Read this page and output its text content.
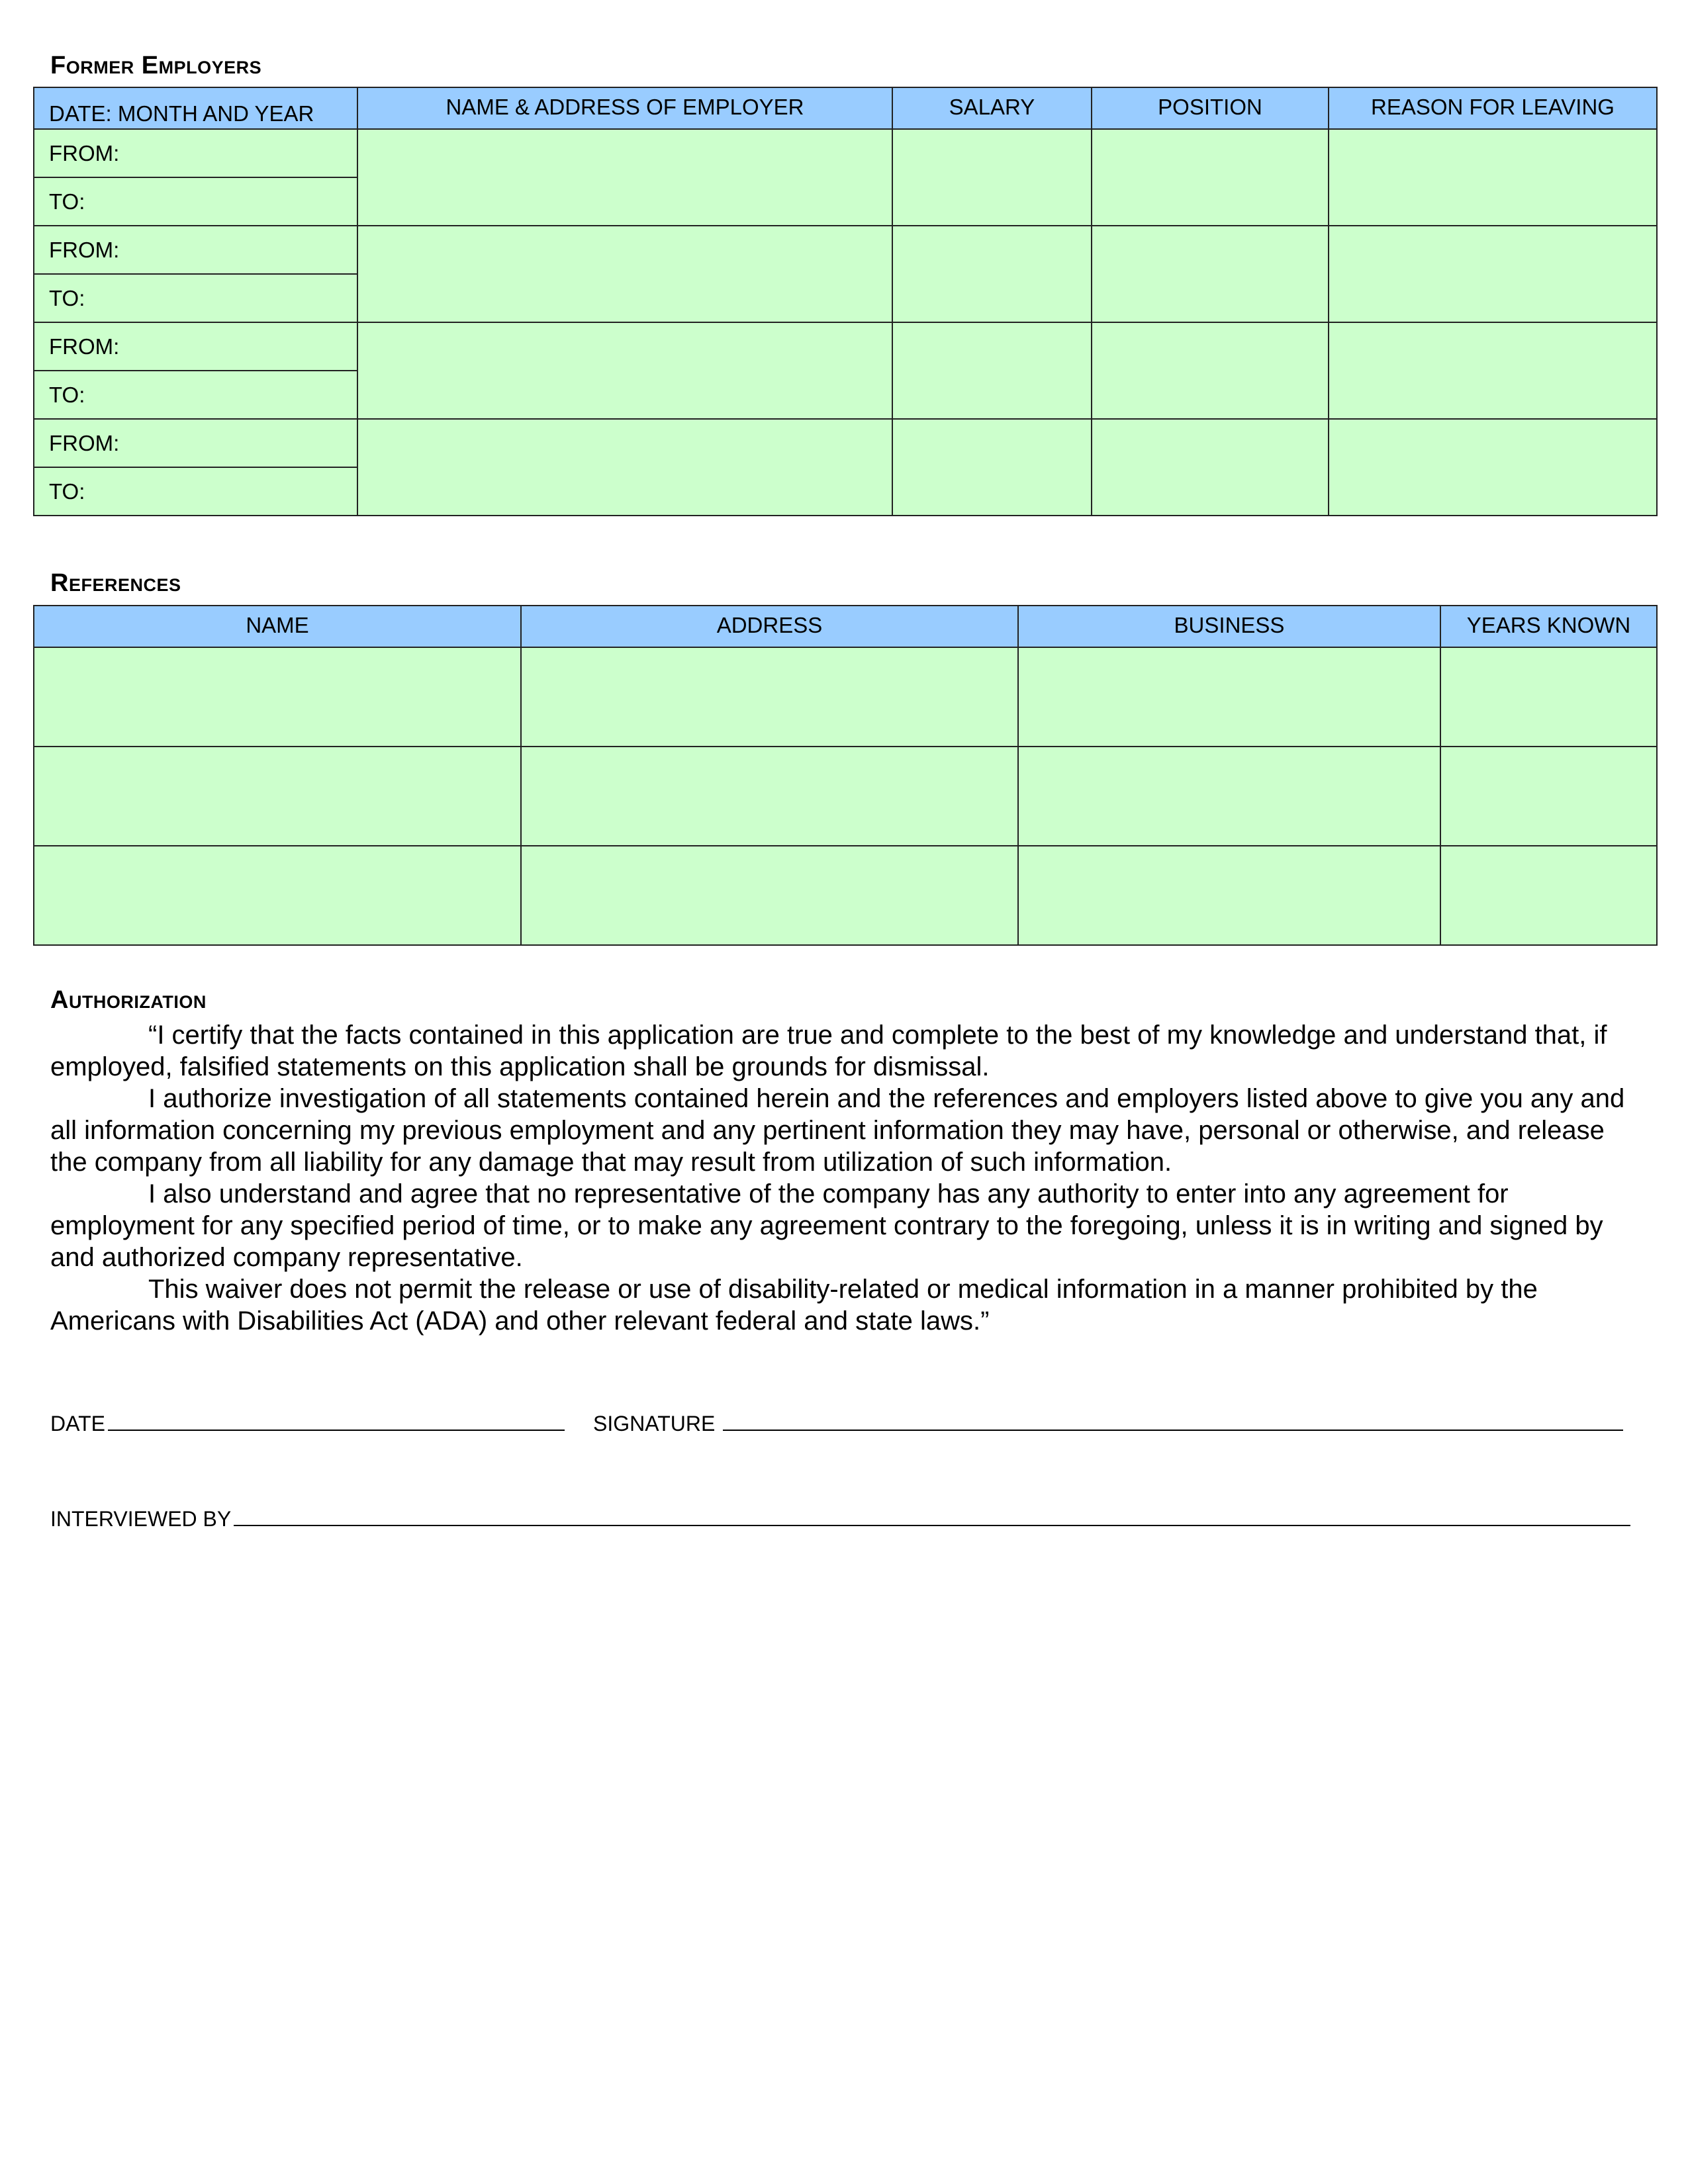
Former Employers
DATE: MONTH AND YEAR	NAME & ADDRESS OF EMPLOYER	SALARY	POSITION	REASON FOR LEAVING
FROM:				
TO:				
FROM:				
TO:				
FROM:				
TO:				
FROM:				
TO:				
References
NAME	ADDRESS	BUSINESS	YEARS KNOWN

Authorization

“I certify that the facts contained in this application are true and complete to the best of my knowledge and understand that, if employed, falsified statements on this application shall be grounds for dismissal.

I authorize investigation of all statements contained herein and the references and employers listed above to give you any and all information concerning my previous employment and any pertinent information they may have, personal or otherwise, and release the company from all liability for any damage that may result from utilization of such information.

I also understand and agree that no representative of the company has any authority to enter into any agreement for employment for any specified period of time, or to make any agreement contrary to the foregoing, unless it is in writing and signed by and authorized company representative.

This waiver does not permit the release or use of disability-related or medical information in a manner prohibited by the Americans with Disabilities Act (ADA) and other relevant federal and state laws.”

DATE	SIGNATURE
INTERVIEWED BY
